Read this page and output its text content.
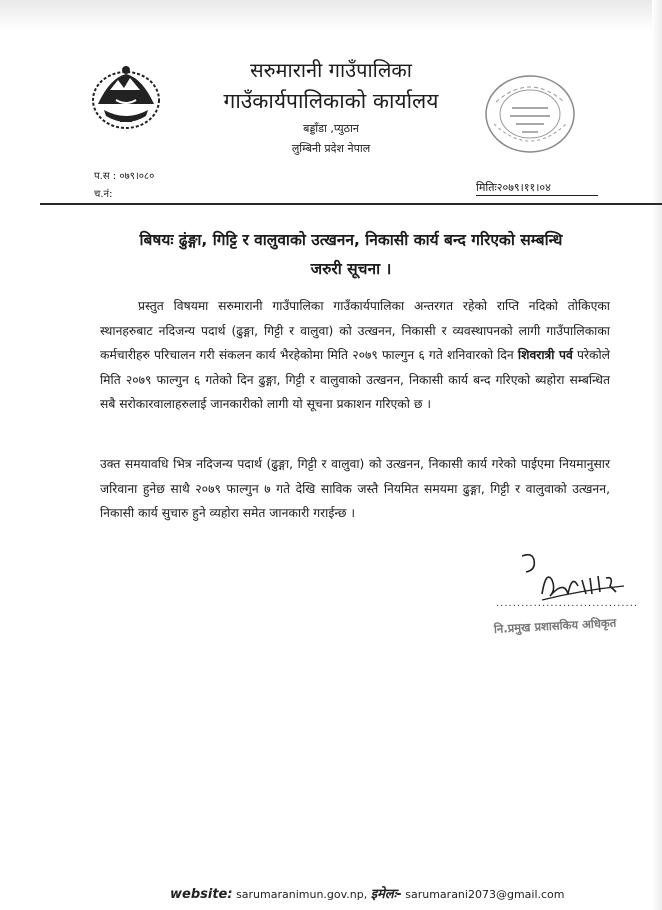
सरुमारानी गाउँपालिका
गाउँकार्यपालिकाको कार्यालय
बड्डाँडा ,प्युठान
लुम्बिनी प्रदेश नेपाल
प.स : ०७९।०८०
च.नं:
मितिः२०७९।११।०४
बिषयः ढुंङ्गा, गिट्टि र वालुवाको उत्खनन, निकासी कार्य बन्द गरिएको सम्बन्धि
जरुरी सूचना ।
प्रस्तुत विषयमा सरुमारानी गाउँपालिका गाउँकार्यपालिका अन्तरगत रहेको राप्ति नदिको तोकिएका स्थानहरुबाट नदिजन्य पदार्थ (ढुङ्गा, गिट्टी र वालुवा) को उत्खनन, निकासी र व्यवस्थापनको लागी गाउँपालिकाका कर्मचारीहरु परिचालन गरी संकलन कार्य भैरहेकोमा मिति २०७९ फाल्गुन ६ गते शनिवारको दिन शिवरात्री पर्व परेकोले मिति २०७९ फाल्गुन ६ गतेको दिन ढुङ्गा, गिट्टी र वालुवाको उत्खनन, निकासी कार्य बन्द गरिएको ब्यहोरा सम्बन्धित सबै सरोकारवालाहरुलाई जानकारीको लागी यो सूचना प्रकाशन गरिएको छ ।
उक्त समयावधि भित्र नदिजन्य पदार्थ (ढुङ्गा, गिट्टी र वालुवा) को उत्खनन, निकासी कार्य गरेको पाईएमा नियमानुसार जरिवाना हुनेछ साथै २०७९ फाल्गुन ७ गते देखि साविक जस्तै नियमित समयमा ढुङ्गा, गिट्टी र वालुवाको उत्खनन, निकासी कार्य सुचारु हुने व्यहोरा समेत जानकारी गराईन्छ ।
..................................
नि.प्रमुख प्रशासकिय अधिकृत
website: sarumaranimun.gov.np, इमेलः- sarumarani2073@gmail.com
